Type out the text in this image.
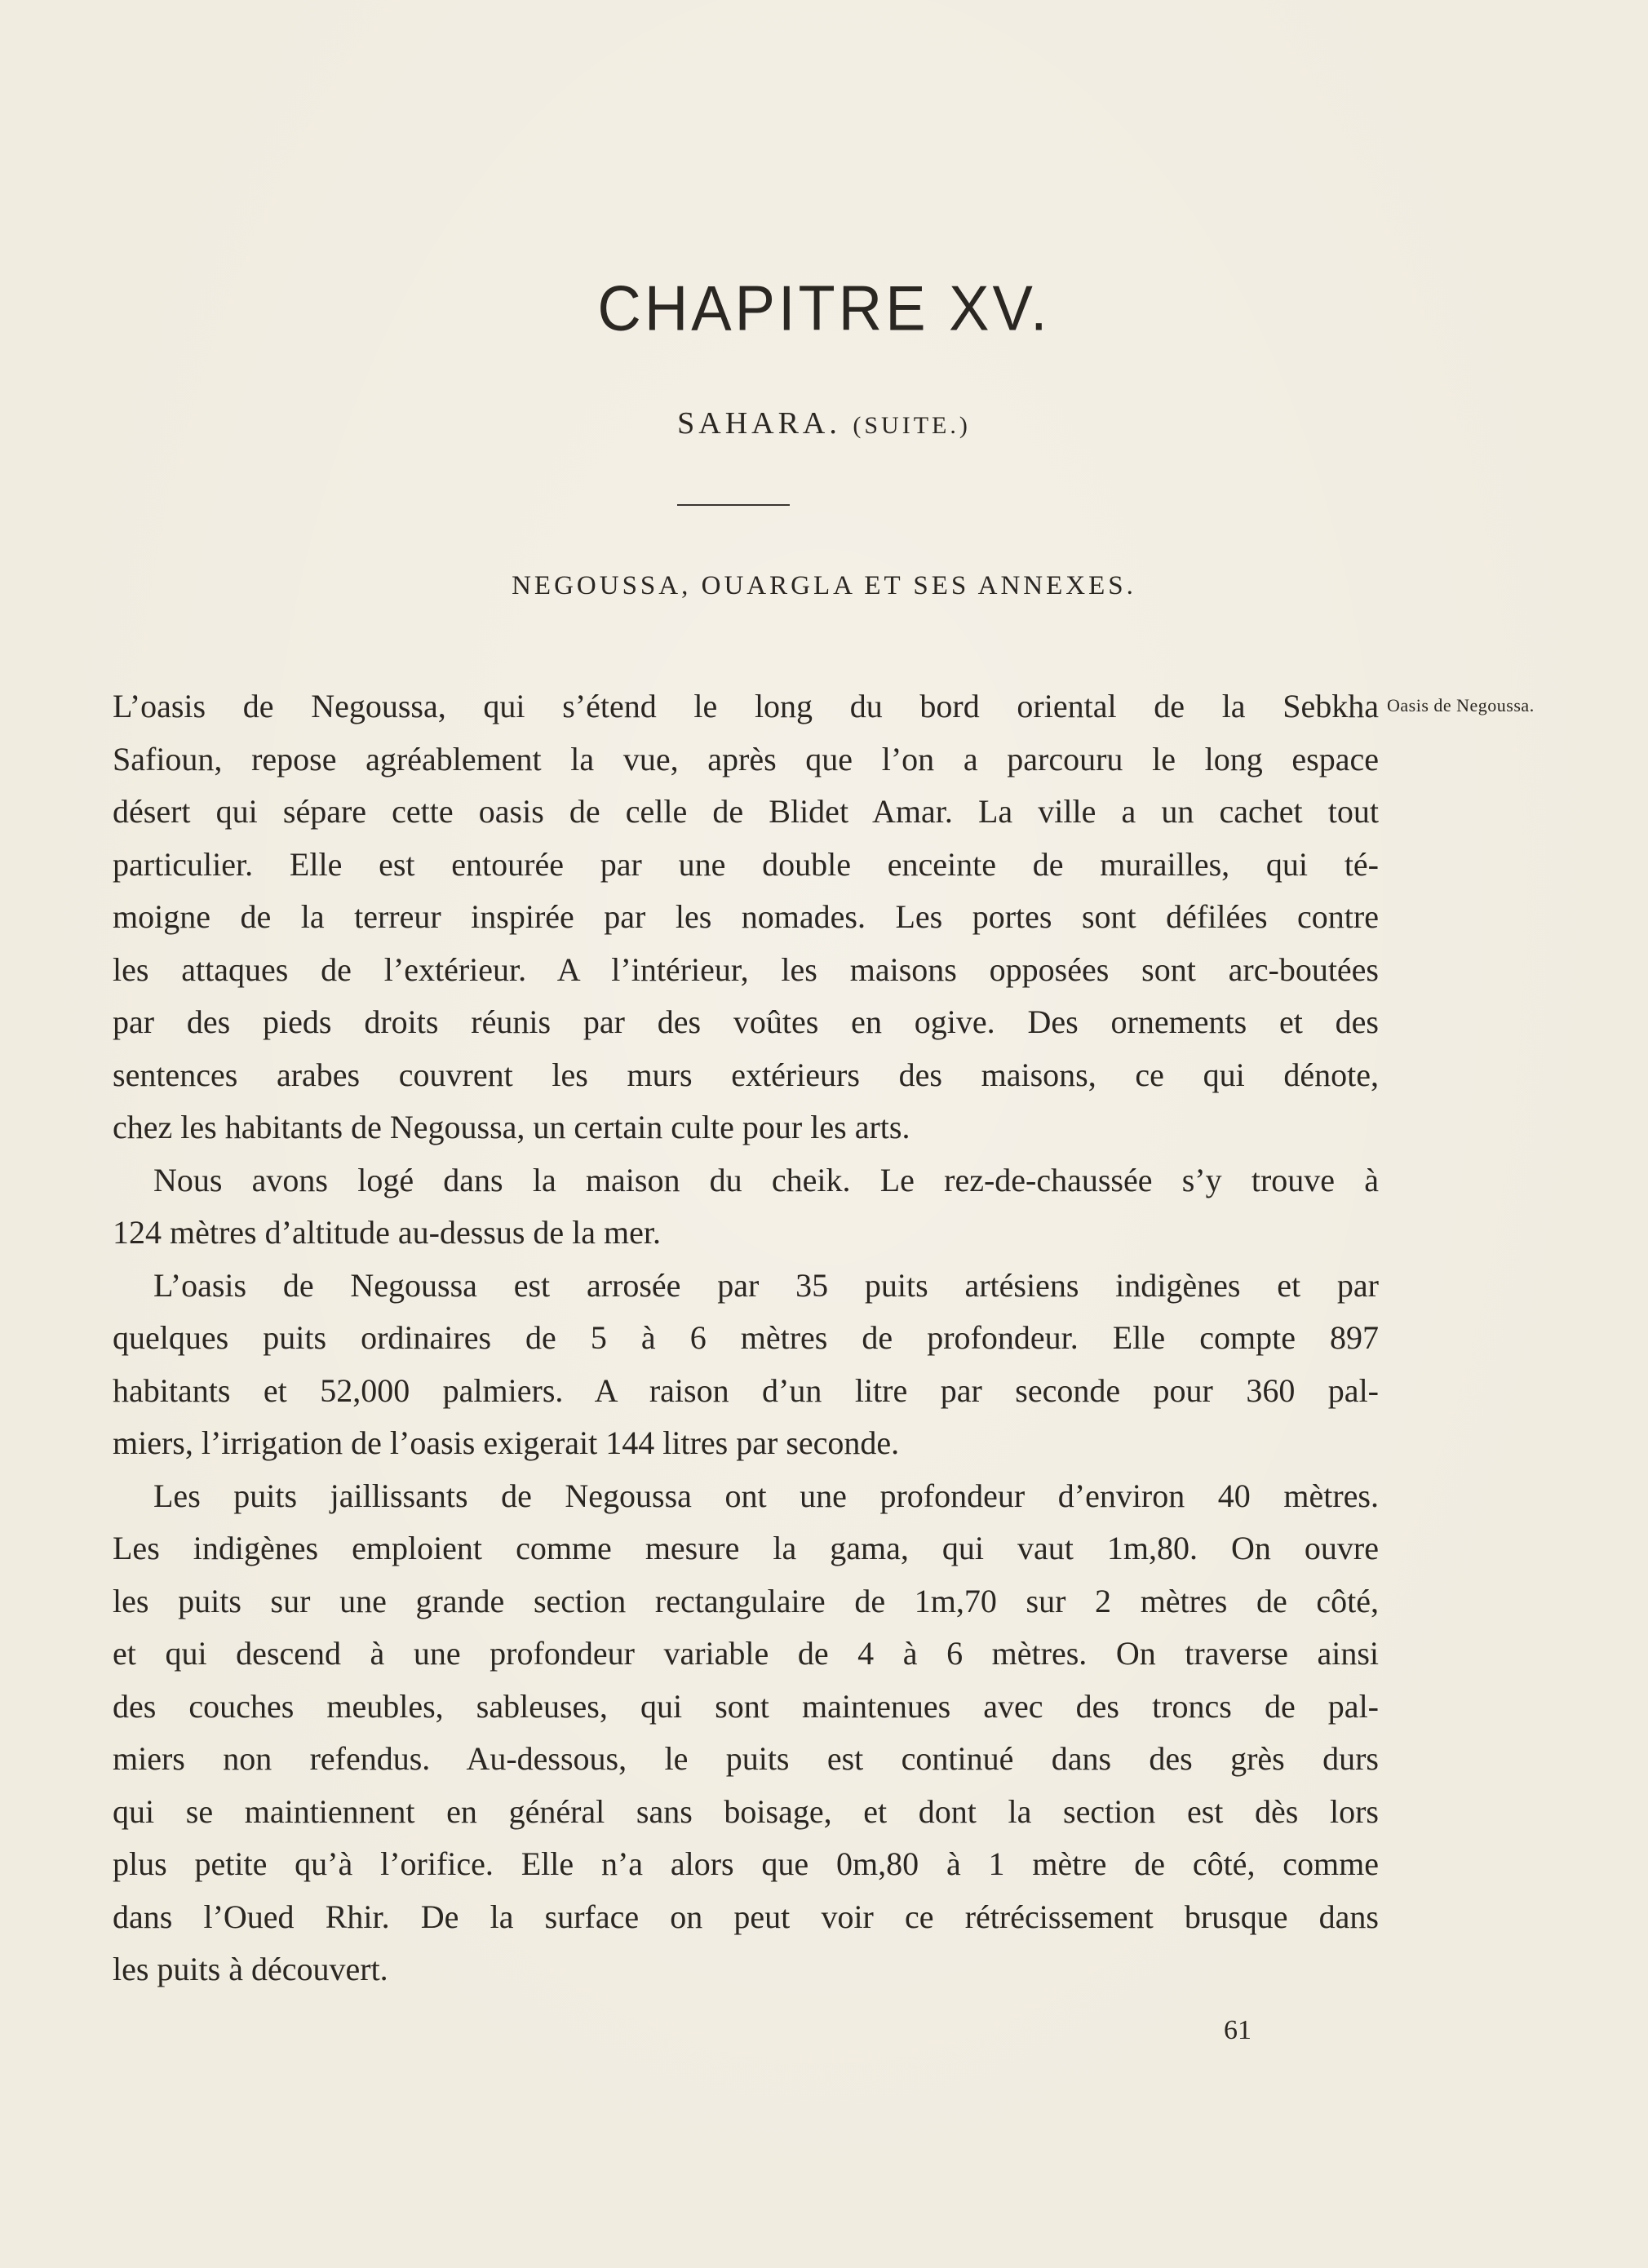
CHAPITRE XV.
SAHARA. (SUITE.)
NEGOUSSA, OUARGLA ET SES ANNEXES.
Oasis de Negoussa.
L’oasis de Negoussa, qui s’étend le long du bord oriental de la Sebkha
Safioun, repose agréablement la vue, après que l’on a parcouru le long espace
désert qui sépare cette oasis de celle de Blidet Amar. La ville a un cachet tout
particulier. Elle est entourée par une double enceinte de murailles, qui té-
moigne de la terreur inspirée par les nomades. Les portes sont défilées contre
les attaques de l’extérieur. A l’intérieur, les maisons opposées sont arc-boutées
par des pieds droits réunis par des voûtes en ogive. Des ornements et des
sentences arabes couvrent les murs extérieurs des maisons, ce qui dénote,
chez les habitants de Negoussa, un certain culte pour les arts.
Nous avons logé dans la maison du cheik. Le rez-de-chaussée s’y trouve à
124 mètres d’altitude au-dessus de la mer.
L’oasis de Negoussa est arrosée par 35 puits artésiens indigènes et par
quelques puits ordinaires de 5 à 6 mètres de profondeur. Elle compte 897
habitants et 52,000 palmiers. A raison d’un litre par seconde pour 360 pal-
miers, l’irrigation de l’oasis exigerait 144 litres par seconde.
Les puits jaillissants de Negoussa ont une profondeur d’environ 40 mètres.
Les indigènes emploient comme mesure la gama, qui vaut 1m,80. On ouvre
les puits sur une grande section rectangulaire de 1m,70 sur 2 mètres de côté,
et qui descend à une profondeur variable de 4 à 6 mètres. On traverse ainsi
des couches meubles, sableuses, qui sont maintenues avec des troncs de pal-
miers non refendus. Au-dessous, le puits est continué dans des grès durs
qui se maintiennent en général sans boisage, et dont la section est dès lors
plus petite qu’à l’orifice. Elle n’a alors que 0m,80 à 1 mètre de côté, comme
dans l’Oued Rhir. De la surface on peut voir ce rétrécissement brusque dans
les puits à découvert.
61
